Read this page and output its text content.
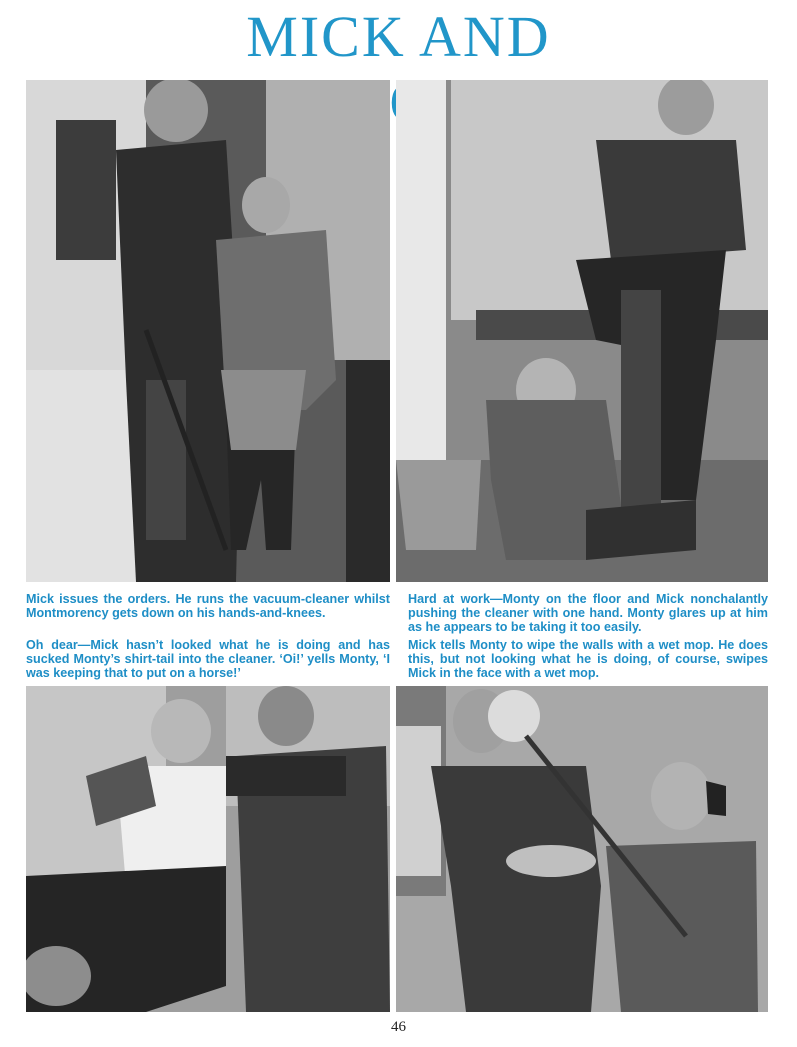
MICK AND

Mick issues the orders. He runs the vacuum-cleaner whilst Montmorency gets down on his hands-and-knees.

Hard at work—Monty on the floor and Mick nonchalantly pushing the cleaner with one hand. Monty glares up at him as he appears to be taking it too easily.

Oh dear—Mick hasn’t looked what he is doing and has sucked Monty’s shirt-tail into the cleaner. ‘Oi!’ yells Monty, ‘I was keeping that to put on a horse!’

Mick tells Monty to wipe the walls with a wet mop. He does this, but not looking what he is doing, of course, swipes Mick in the face with a wet mop.

46
